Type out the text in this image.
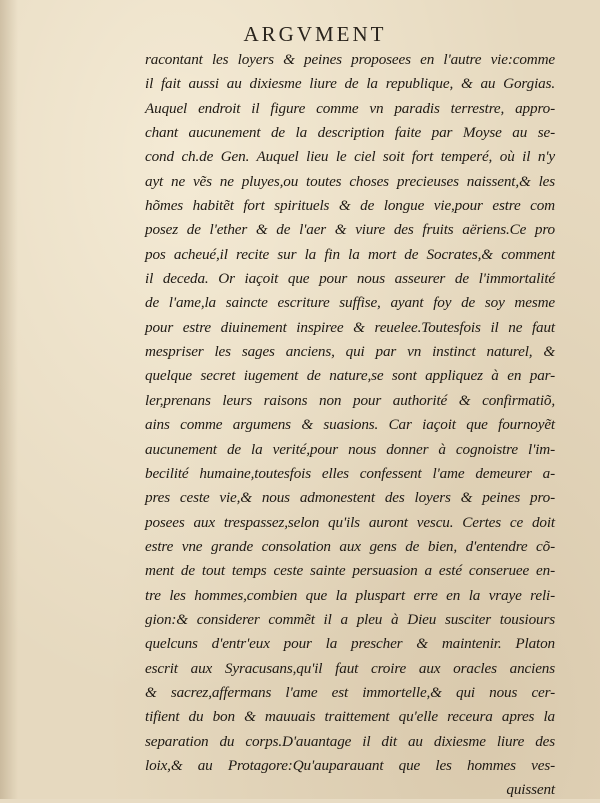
ARGVMENT
racontant les loyers & peines proposees en l'autre vie:comme
il fait aussi au dixiesme liure de la republique, & au Gorgias.
Auquel endroit il figure comme vn paradis terrestre, appro-
chant aucunement de la description faite par Moyse au se-
cond ch.de Gen. Auquel lieu le ciel soit fort temperé, où il n'y
ayt ne vẽs ne pluyes,ou toutes choses precieuses naissent,& les
hõmes habitẽt fort spirituels & de longue vie,pour estre com
posez de l'ether & de l'aer & viure des fruits aëriens.Ce pro
pos acheué,il recite sur la fin la mort de Socrates,& comment
il deceda. Or iaçoit que pour nous asseurer de l'immortalité
de l'ame,la saincte escriture suffise, ayant foy de soy mesme
pour estre diuinement inspiree & reuelee.Toutesfois il ne faut
mespriser les sages anciens, qui par vn instinct naturel, &
quelque secret iugement de nature,se sont appliquez à en par-
ler,prenans leurs raisons non pour authorité & confirmatiõ,
ains comme argumens & suasions. Car iaçoit que fournoyẽt
aucunement de la verité,pour nous donner à cognoistre l'im-
becilité humaine,toutesfois elles confessent l'ame demeurer a-
pres ceste vie,& nous admonestent des loyers & peines pro-
posees aux trespassez,selon qu'ils auront vescu. Certes ce doit
estre vne grande consolation aux gens de bien, d'entendre cõ-
ment de tout temps ceste sainte persuasion a esté conseruee en-
tre les hommes,combien que la pluspart erre en la vraye reli-
gion:& considerer commẽt il a pleu à Dieu susciter tousiours
quelcuns d'entr'eux pour la prescher & maintenir. Platon
escrit aux Syracusans,qu'il faut croire aux oracles anciens
& sacrez,affermans l'ame est immortelle,& qui nous cer-
tifient du bon & mauuais traittement qu'elle receura apres la
separation du corps.D'auantage il dit au dixiesme liure des
loix,& au Protagore:Qu'auparauant que les hommes ves-
quissent
